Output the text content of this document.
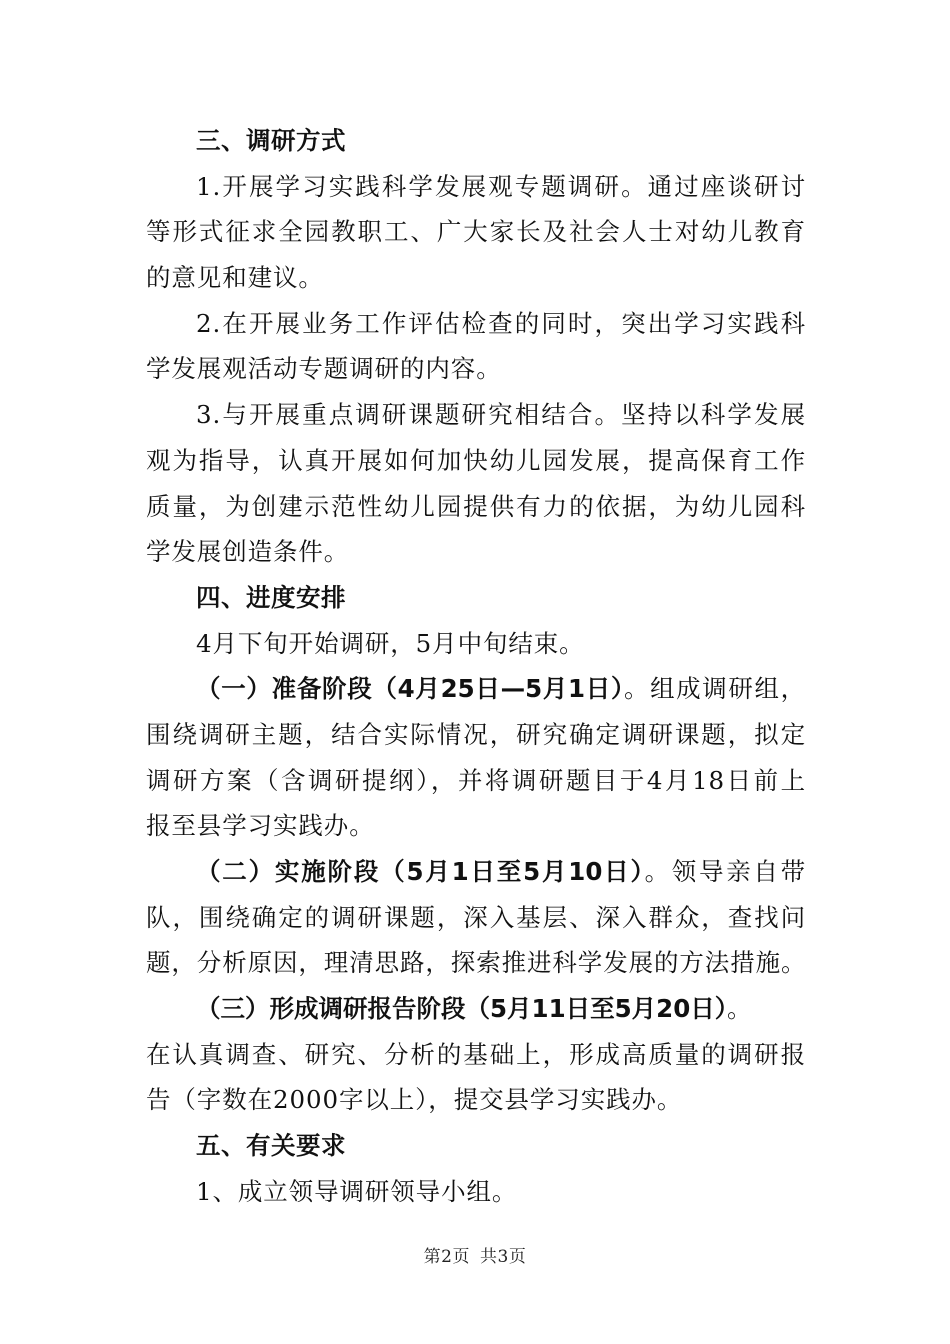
三、调研方式
1.开展学习实践科学发展观专题调研。通过座谈研讨
等形式征求全园教职工、广大家长及社会人士对幼儿教育
的意见和建议。
2.在开展业务工作评估检查的同时，突出学习实践科
学发展观活动专题调研的内容。
3.与开展重点调研课题研究相结合。坚持以科学发展
观为指导，认真开展如何加快幼儿园发展，提高保育工作
质量，为创建示范性幼儿园提供有力的依据，为幼儿园科
学发展创造条件。
四、进度安排
4月下旬开始调研，5月中旬结束。
（一）准备阶段（4月25日—5月1日）。组成调研组，
围绕调研主题，结合实际情况，研究确定调研课题，拟定
调研方案（含调研提纲），并将调研题目于4月18日前上
报至县学习实践办。
（二）实施阶段（5月1日至5月10日）。领导亲自带
队，围绕确定的调研课题，深入基层、深入群众，查找问
题，分析原因，理清思路，探索推进科学发展的方法措施。
（三）形成调研报告阶段（5月11日至5月20日）。
在认真调查、研究、分析的基础上，形成高质量的调研报
告（字数在2000字以上），提交县学习实践办。
五、有关要求
1、成立领导调研领导小组。
第2页 共3页
